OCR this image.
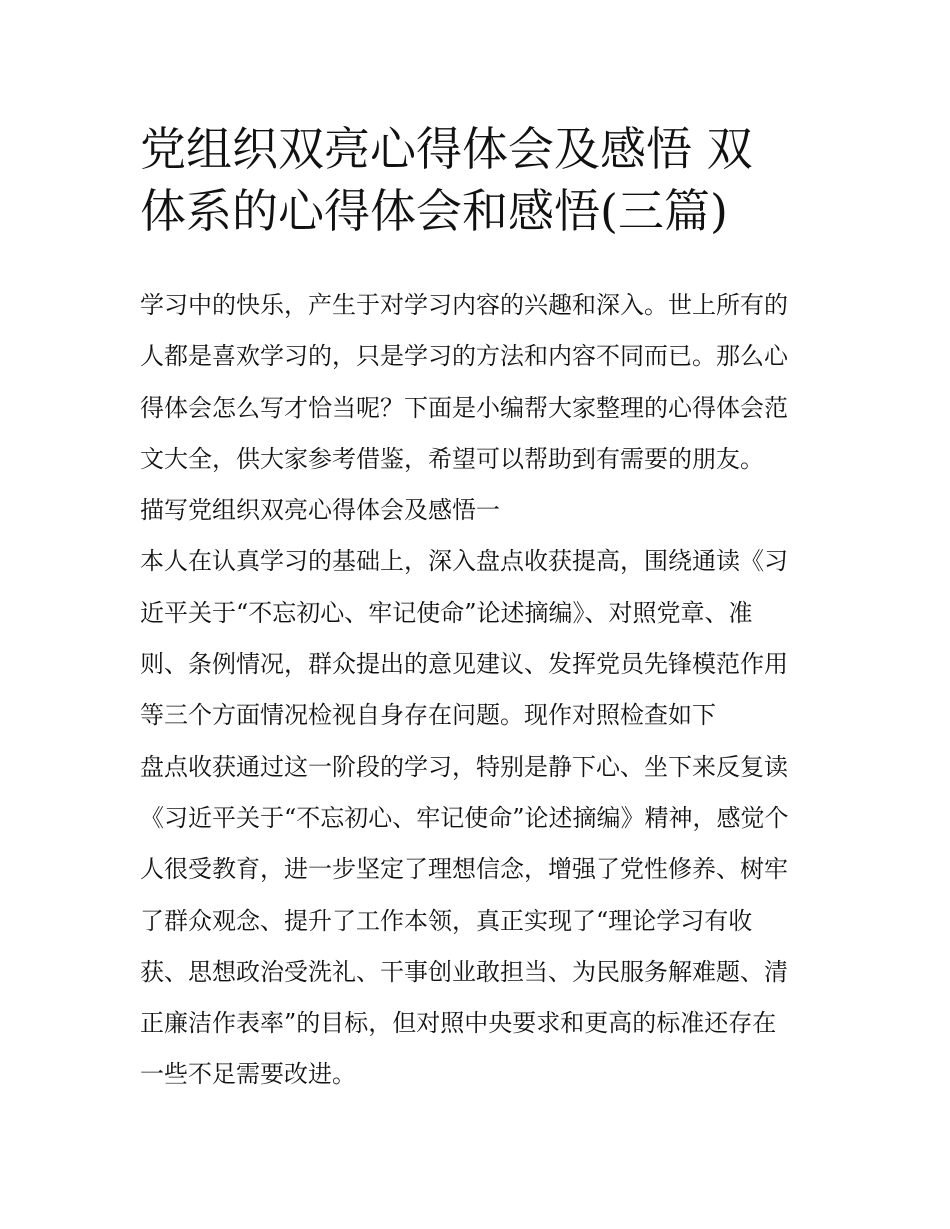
党组织双亮心得体会及感悟 双
体系的心得体会和感悟(三篇)
学习中的快乐，产生于对学习内容的兴趣和深入。世上所有的
人都是喜欢学习的，只是学习的方法和内容不同而已。那么心
得体会怎么写才恰当呢？下面是小编帮大家整理的心得体会范
文大全，供大家参考借鉴，希望可以帮助到有需要的朋友。
描写党组织双亮心得体会及感悟一
本人在认真学习的基础上，深入盘点收获提高，围绕通读《习
近平关于“不忘初心、牢记使命”论述摘编》、对照党章、准
则、条例情况，群众提出的意见建议、发挥党员先锋模范作用
等三个方面情况检视自身存在问题。现作对照检查如下
盘点收获通过这一阶段的学习，特别是静下心、坐下来反复读
《习近平关于“不忘初心、牢记使命”论述摘编》精神，感觉个
人很受教育，进一步坚定了理想信念，增强了党性修养、树牢
了群众观念、提升了工作本领，真正实现了“理论学习有收
获、思想政治受洗礼、干事创业敢担当、为民服务解难题、清
正廉洁作表率”的目标，但对照中央要求和更高的标准还存在
一些不足需要改进。
